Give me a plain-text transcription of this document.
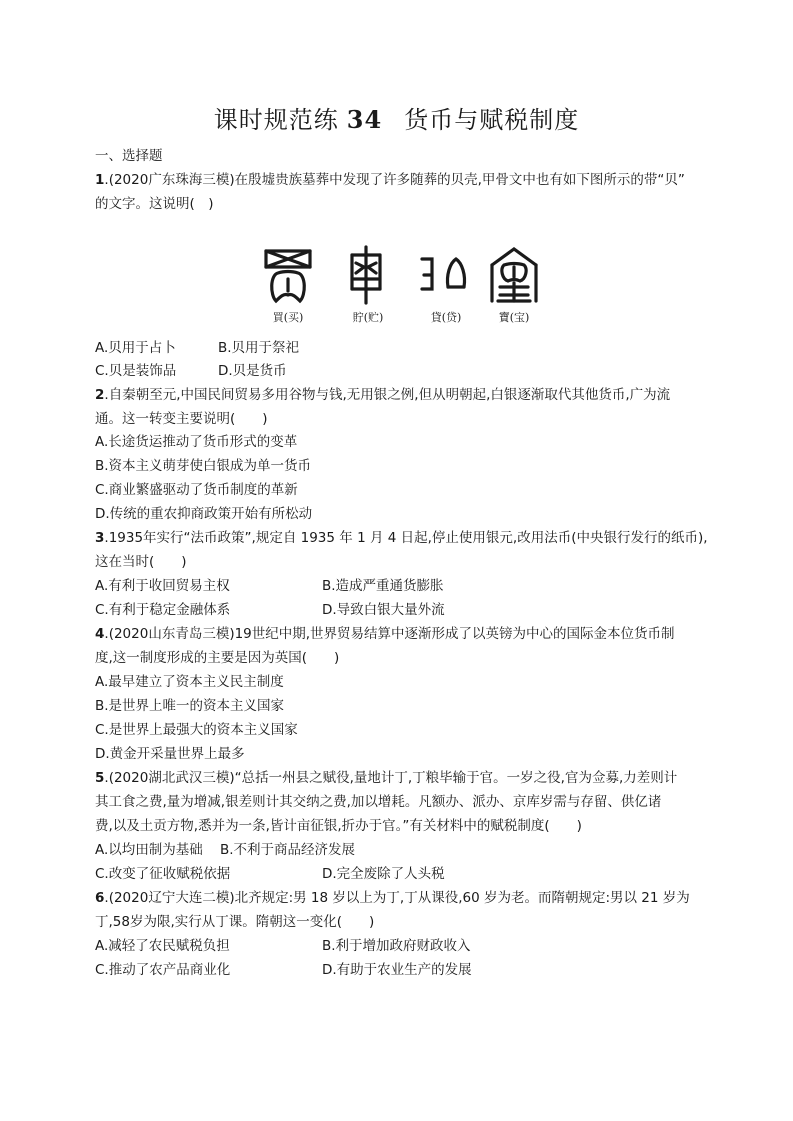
课时规范练 34 货币与赋税制度
一、选择题
1.(2020广东珠海三模)在殷墟贵族墓葬中发现了许多随葬的贝壳,甲骨文中也有如下图所示的带“贝”
的文字。这说明(　)
買(买)	貯(贮)	貸(贷)	寶(宝)
A.贝用于占卜	B.贝用于祭祀
C.贝是装饰品	D.贝是货币
2.自秦朝至元,中国民间贸易多用谷物与钱,无用银之例,但从明朝起,白银逐渐取代其他货币,广为流
通。这一转变主要说明(　　)
A.长途货运推动了货币形式的变革
B.资本主义萌芽使白银成为单一货币
C.商业繁盛驱动了货币制度的革新
D.传统的重农抑商政策开始有所松动
3.1935年实行“法币政策”,规定自 1935 年 1 月 4 日起,停止使用银元,改用法币(中央银行发行的纸币),
这在当时(　　)
A.有利于收回贸易主权	B.造成严重通货膨胀
C.有利于稳定金融体系	D.导致白银大量外流
4.(2020山东青岛三模)19世纪中期,世界贸易结算中逐渐形成了以英镑为中心的国际金本位货币制
度,这一制度形成的主要是因为英国(　　)
A.最早建立了资本主义民主制度
B.是世界上唯一的资本主义国家
C.是世界上最强大的资本主义国家
D.黄金开采量世界上最多
5.(2020湖北武汉三模)“总括一州县之赋役,量地计丁,丁粮毕输于官。一岁之役,官为佥募,力差则计
其工食之费,量为增减,银差则计其交纳之费,加以增耗。凡额办、派办、京库岁需与存留、供亿诸
费,以及土贡方物,悉并为一条,皆计亩征银,折办于官。”有关材料中的赋税制度(　　)
A.以均田制为基础 B.不利于商品经济发展
C.改变了征收赋税依据	D.完全废除了人头税
6.(2020辽宁大连二模)北齐规定:男 18 岁以上为丁,丁从课役,60 岁为老。而隋朝规定:男以 21 岁为
丁,58岁为限,实行从丁课。隋朝这一变化(　　)
A.减轻了农民赋税负担	B.利于增加政府财政收入
C.推动了农产品商业化	D.有助于农业生产的发展
